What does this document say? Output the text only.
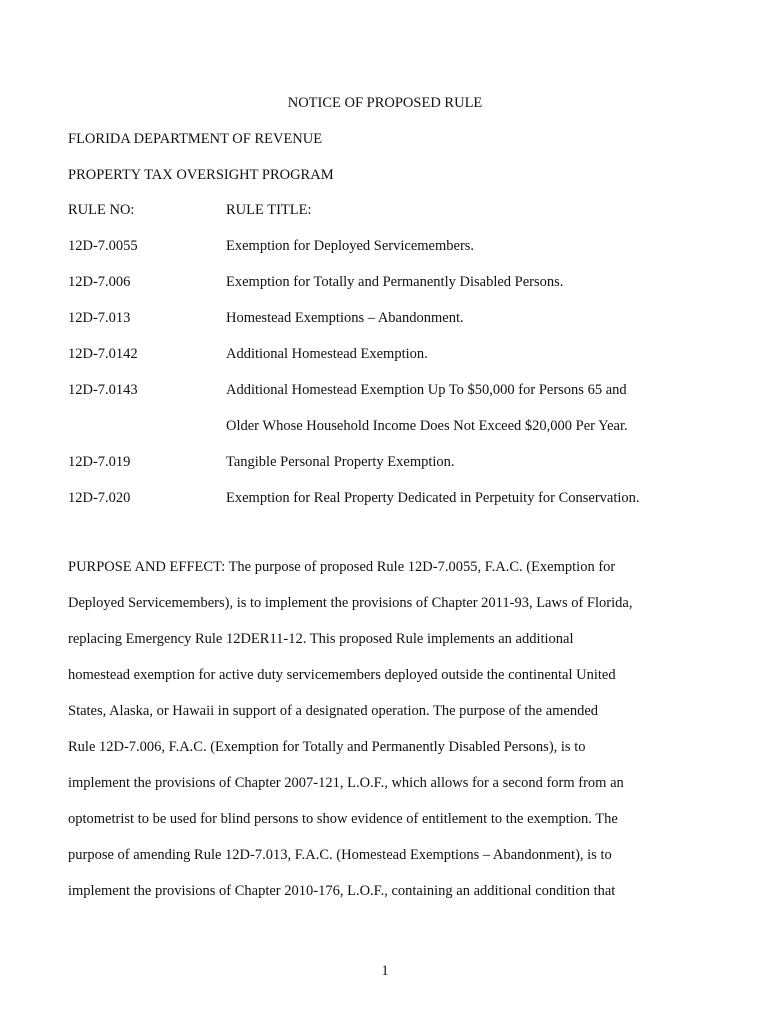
NOTICE OF PROPOSED RULE
FLORIDA DEPARTMENT OF REVENUE
PROPERTY TAX OVERSIGHT PROGRAM
RULE NO:	RULE TITLE:
12D-7.0055	Exemption for Deployed Servicemembers.
12D-7.006	Exemption for Totally and Permanently Disabled Persons.
12D-7.013	Homestead Exemptions – Abandonment.
12D-7.0142	Additional Homestead Exemption.
12D-7.0143	Additional Homestead Exemption Up To $50,000 for Persons 65 and
Older Whose Household Income Does Not Exceed $20,000 Per Year.
12D-7.019	Tangible Personal Property Exemption.
12D-7.020	Exemption for Real Property Dedicated in Perpetuity for Conservation.
PURPOSE AND EFFECT: The purpose of proposed Rule 12D-7.0055, F.A.C. (Exemption for
Deployed Servicemembers), is to implement the provisions of Chapter 2011-93, Laws of Florida,
replacing Emergency Rule 12DER11-12. This proposed Rule implements an additional
homestead exemption for active duty servicemembers deployed outside the continental United
States, Alaska, or Hawaii in support of a designated operation. The purpose of the amended
Rule 12D-7.006, F.A.C. (Exemption for Totally and Permanently Disabled Persons), is to
implement the provisions of Chapter 2007-121, L.O.F., which allows for a second form from an
optometrist to be used for blind persons to show evidence of entitlement to the exemption. The
purpose of amending Rule 12D-7.013, F.A.C. (Homestead Exemptions – Abandonment), is to
implement the provisions of Chapter 2010-176, L.O.F., containing an additional condition that
1
